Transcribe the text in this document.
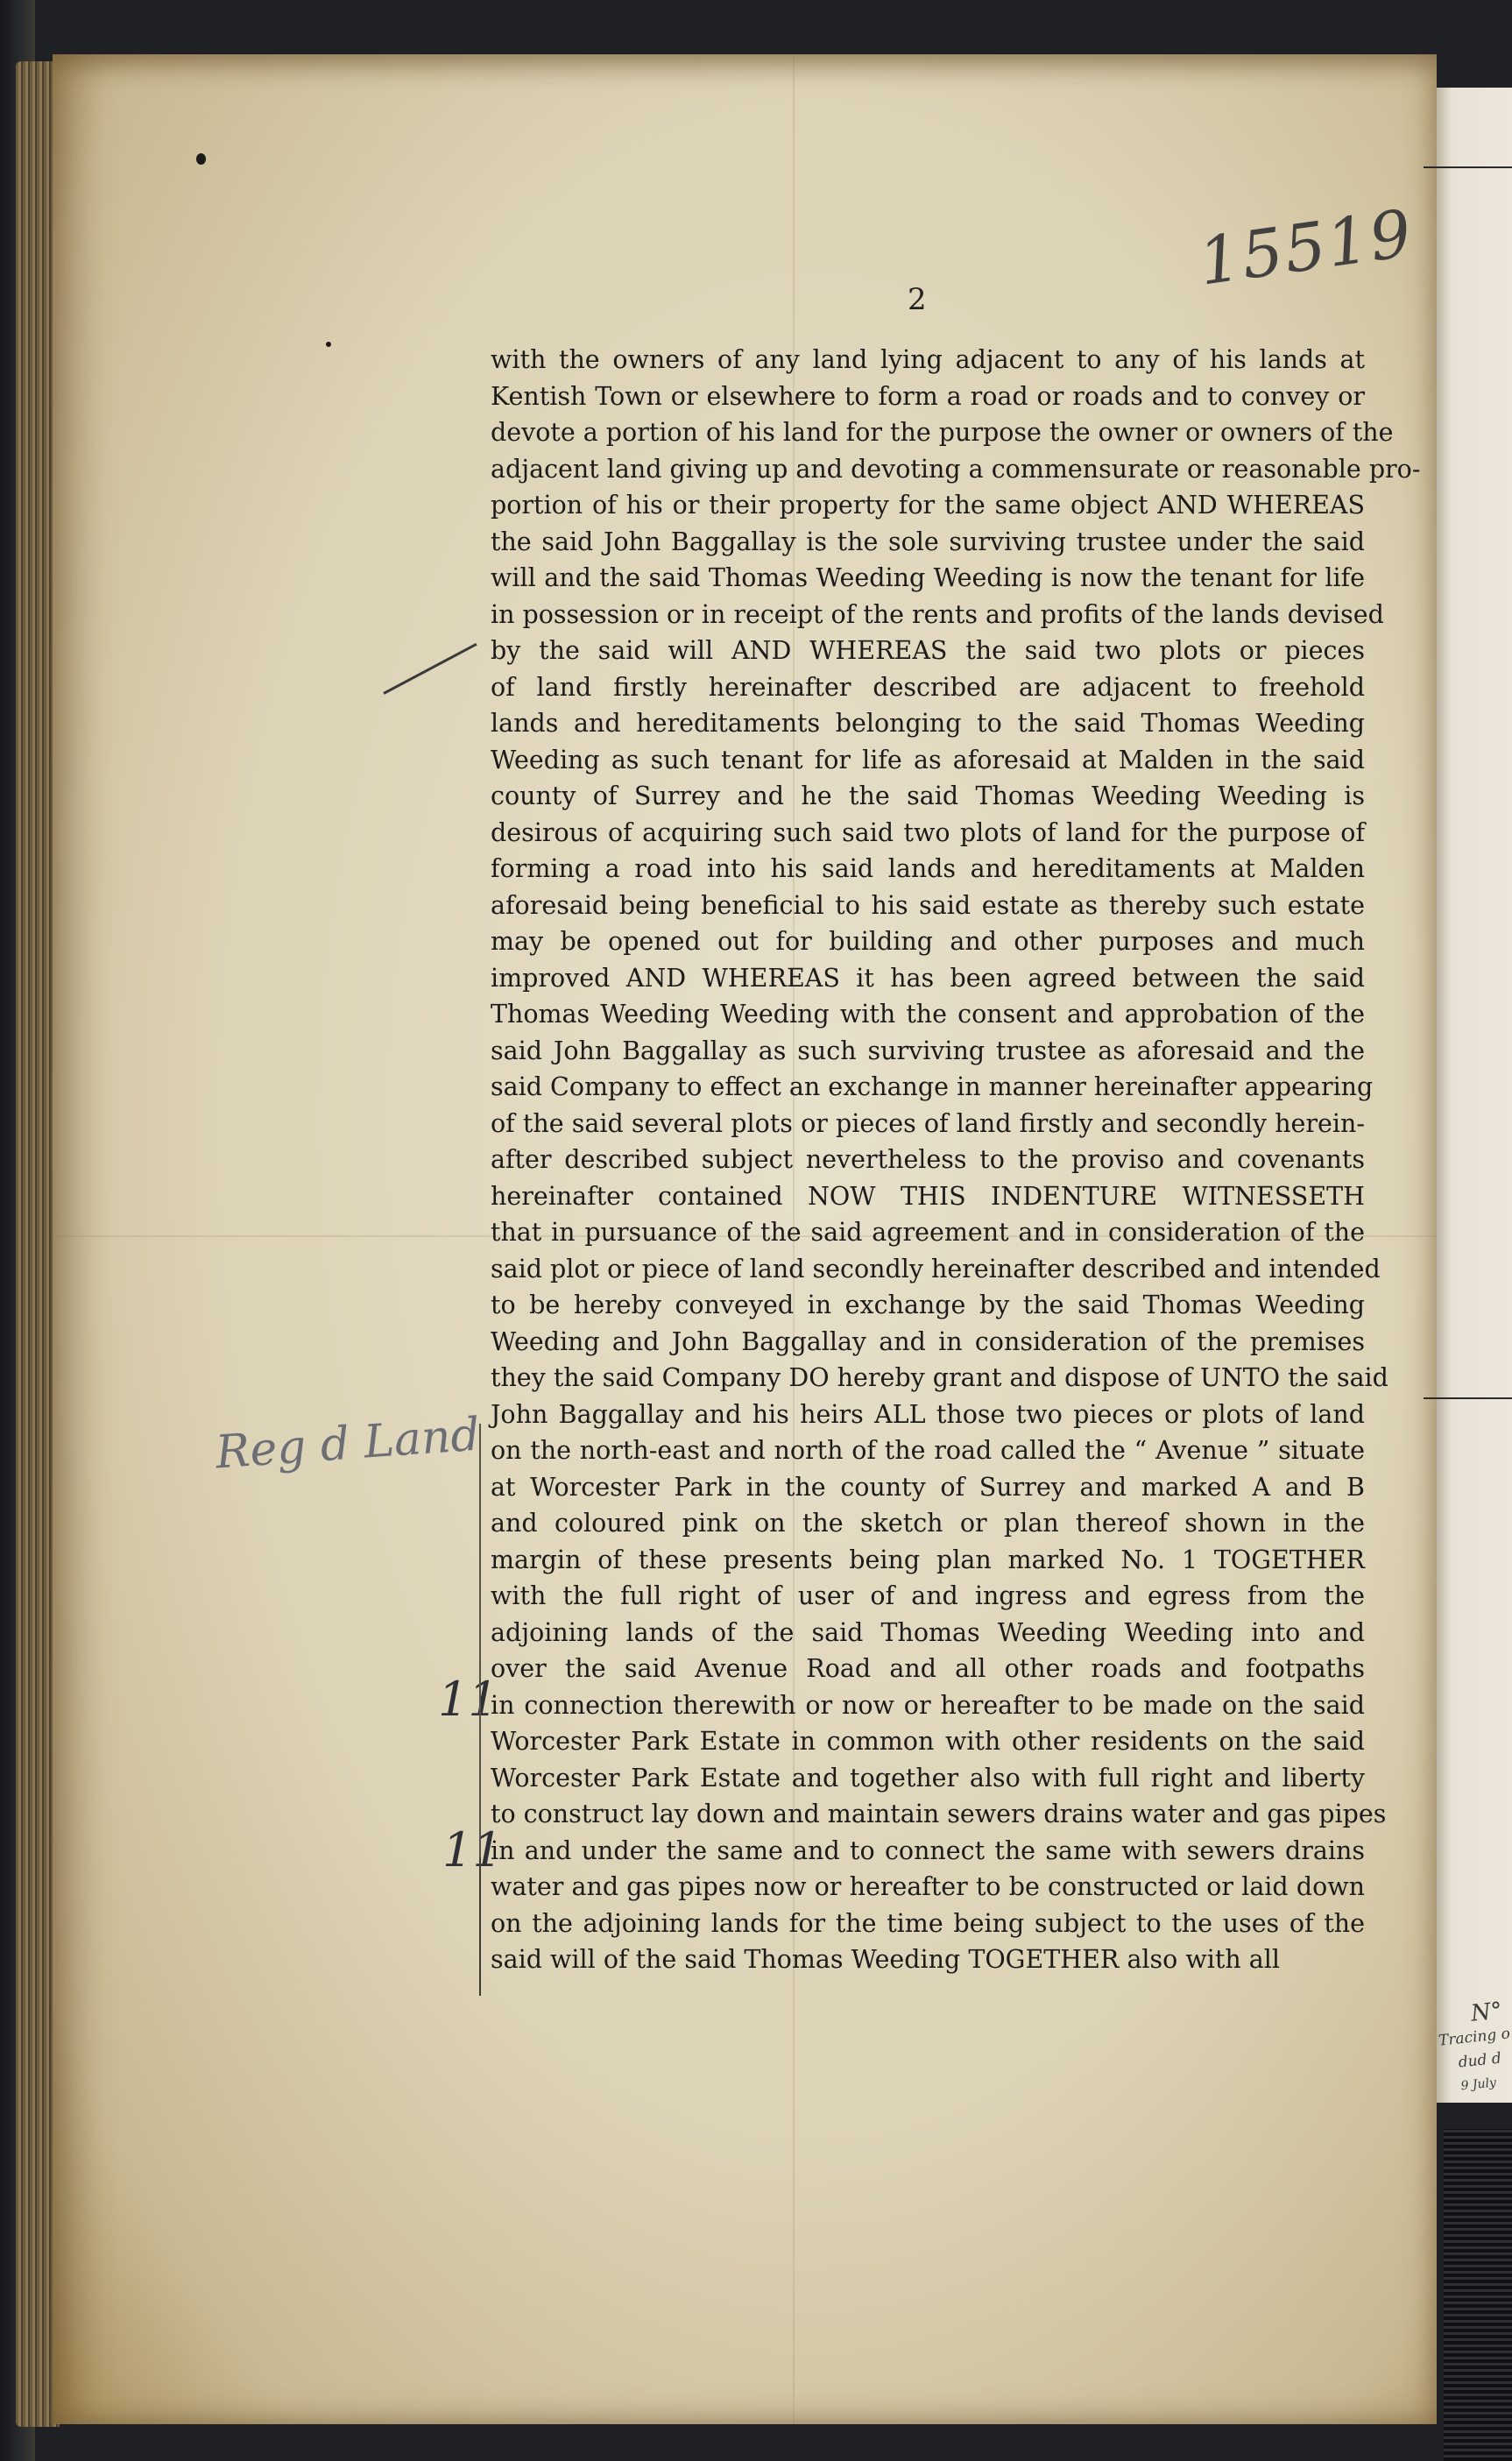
15519
2
with the owners of any land lying adjacent to any of his lands at
Kentish Town or elsewhere to form a road or roads and to convey or
devote a portion of his land for the purpose the owner or owners of the
adjacent land giving up and devoting a commensurate or reasonable pro-
portion of his or their property for the same object AND WHEREAS
the said John Baggallay is the sole surviving trustee under the said
will and the said Thomas Weeding Weeding is now the tenant for life
in possession or in receipt of the rents and profits of the lands devised
by the said will AND WHEREAS the said two plots or pieces
of land firstly hereinafter described are adjacent to freehold
lands and hereditaments belonging to the said Thomas Weeding
Weeding as such tenant for life as aforesaid at Malden in the said
county of Surrey and he the said Thomas Weeding Weeding is
desirous of acquiring such said two plots of land for the purpose of
forming a road into his said lands and hereditaments at Malden
aforesaid being beneficial to his said estate as thereby such estate
may be opened out for building and other purposes and much
improved AND WHEREAS it has been agreed between the said
Thomas Weeding Weeding with the consent and approbation of the
said John Baggallay as such surviving trustee as aforesaid and the
said Company to effect an exchange in manner hereinafter appearing
of the said several plots or pieces of land firstly and secondly herein-
after described subject nevertheless to the proviso and covenants
hereinafter contained NOW THIS INDENTURE WITNESSETH
that in pursuance of the said agreement and in consideration of the
said plot or piece of land secondly hereinafter described and intended
to be hereby conveyed in exchange by the said Thomas Weeding
Weeding and John Baggallay and in consideration of the premises
they the said Company DO hereby grant and dispose of UNTO the said
John Baggallay and his heirs ALL those two pieces or plots of land
on the north-east and north of the road called the “ Avenue ” situate
at Worcester Park in the county of Surrey and marked A and B
and coloured pink on the sketch or plan thereof shown in the
margin of these presents being plan marked No. 1 TOGETHER
with the full right of user of and ingress and egress from the
adjoining lands of the said Thomas Weeding Weeding into and
over the said Avenue Road and all other roads and footpaths
in connection therewith or now or hereafter to be made on the said
Worcester Park Estate in common with other residents on the said
Worcester Park Estate and together also with full right and liberty
to construct lay down and maintain sewers drains water and gas pipes
in and under the same and to connect the same with sewers drains
water and gas pipes now or hereafter to be constructed or laid down
on the adjoining lands for the time being subject to the uses of the
said will of the said Thomas Weeding TOGETHER also with all
Reg d Land
11
11
N°
Tracing o
dud d
9 July
